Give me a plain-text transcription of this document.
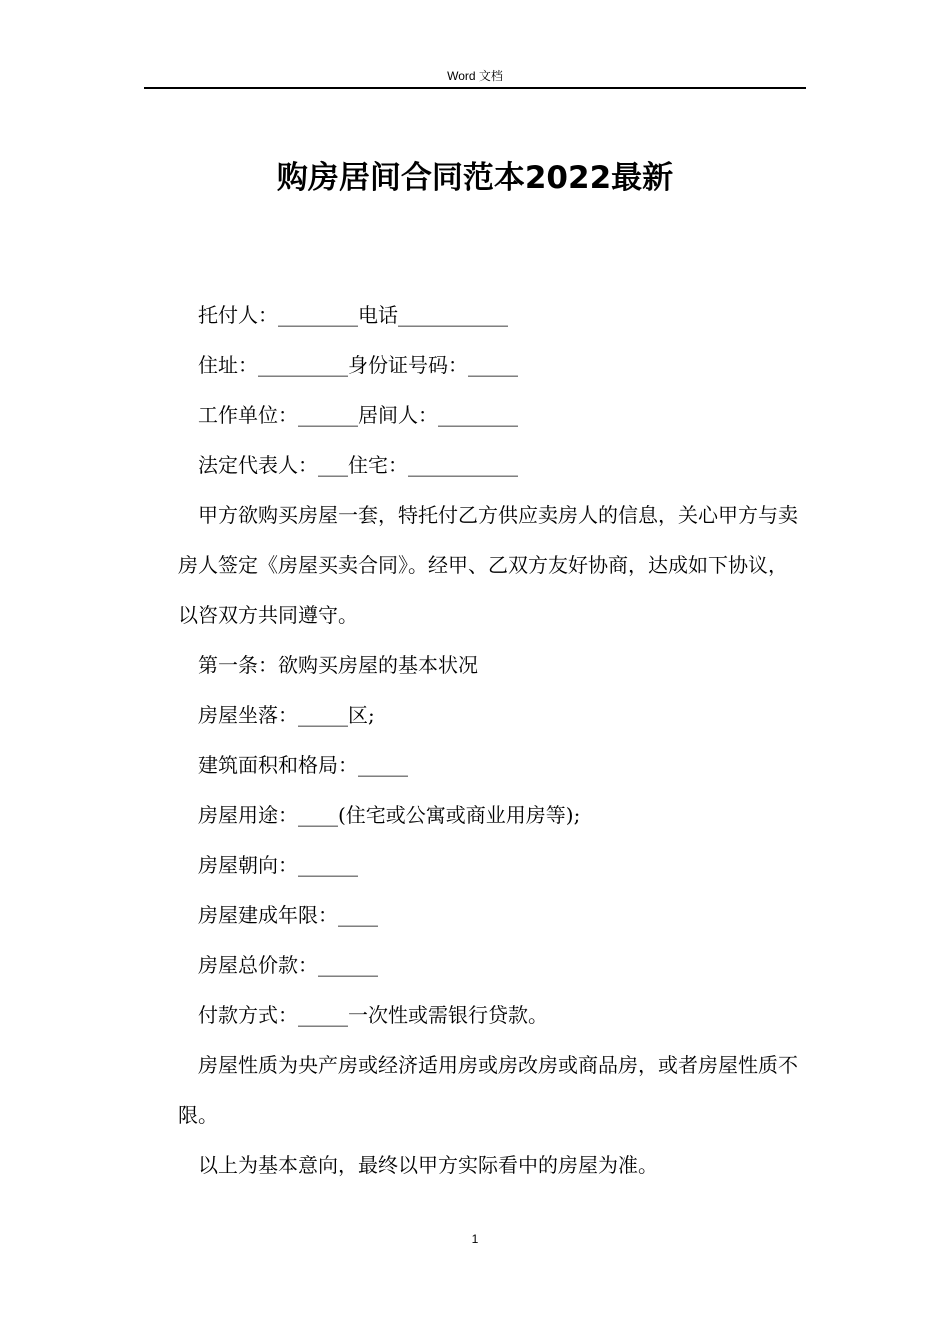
Word 文档
购房居间合同范本2022最新

托付人：________电话___________

住址：_________身份证号码：_____

工作单位：______居间人：________

法定代表人：___住宅：___________

甲方欲购买房屋一套，特托付乙方供应卖房人的信息，关心甲方与卖房人签定《房屋买卖合同》。经甲、乙双方友好协商，达成如下协议，以咨双方共同遵守。

第一条：欲购买房屋的基本状况

房屋坐落：_____区;

建筑面积和格局：_____

房屋用途：____(住宅或公寓或商业用房等);

房屋朝向：______

房屋建成年限：____

房屋总价款：______

付款方式：_____一次性或需银行贷款。

房屋性质为央产房或经济适用房或房改房或商品房，或者房屋性质不限。

以上为基本意向，最终以甲方实际看中的房屋为准。

1
